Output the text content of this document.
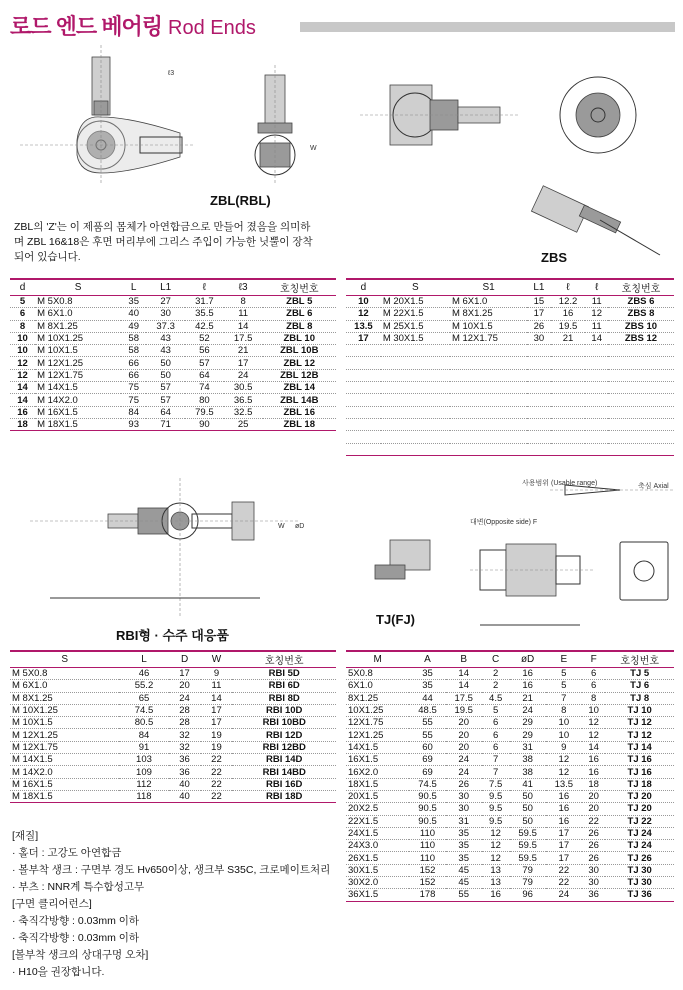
로드 엔드 베어링 Rod Ends
ℓ3
W
ZBL(RBL)
ZBS
ZBL의 'Z'는 이 제품의 몸체가 아연합금으로 만들어 졌음을 의미하
며 ZBL 16&18은 후면 머리부에 그리스 주입이 가능한 닛뿔이 장착
되어 있습니다.
d	S	L	L1	ℓ	ℓ3	호칭번호
5	M 5X0.8	35	27	31.7	8	ZBL 5
6	M 6X1.0	40	30	35.5	11	ZBL 6
8	M 8X1.25	49	37.3	42.5	14	ZBL 8
10	M 10X1.25	58	43	52	17.5	ZBL 10
10	M 10X1.5	58	43	56	21	ZBL 10B
12	M 12X1.25	66	50	57	17	ZBL 12
12	M 12X1.75	66	50	64	24	ZBL 12B
14	M 14X1.5	75	57	74	30.5	ZBL 14
14	M 14X2.0	75	57	80	36.5	ZBL 14B
16	M 16X1.5	84	64	79.5	32.5	ZBL 16
18	M 18X1.5	93	71	90	25	ZBL 18
d	S	S1	L1	ℓ	ℓ	호칭번호
10	M 20X1.5	M 6X1.0	15	12.2	11	ZBS 6
12	M 22X1.5	M 8X1.25	17	16	12	ZBS 8
13.5	M 25X1.5	M 10X1.5	26	19.5	11	ZBS 10
17	M 30X1.5	M 12X1.75	30	21	14	ZBS 12

W øD
RBI형 · 수주 대응품
사용범위 (Usable range)	축심 Axial
대변(Opposite side) F
TJ(FJ)
S	L	D	W	호칭번호
M 5X0.8	46	17	9	RBI 5D
M 6X1.0	55.2	20	11	RBI 6D
M 8X1.25	65	24	14	RBI 8D
M 10X1.25	74.5	28	17	RBI 10D
M 10X1.5	80.5	28	17	RBI 10BD
M 12X1.25	84	32	19	RBI 12D
M 12X1.75	91	32	19	RBI 12BD
M 14X1.5	103	36	22	RBI 14D
M 14X2.0	109	36	22	RBI 14BD
M 16X1.5	112	40	22	RBI 16D
M 18X1.5	118	40	22	RBI 18D
M	A	B	C	øD	E	F	호칭번호
5X0.8	35	14	2	16	5	6	TJ 5
6X1.0	35	14	2	16	5	6	TJ 6
8X1.25	44	17.5	4.5	21	7	8	TJ 8
10X1.25	48.5	19.5	5	24	8	10	TJ 10
12X1.75	55	20	6	29	10	12	TJ 12
12X1.25	55	20	6	29	10	12	TJ 12
14X1.5	60	20	6	31	9	14	TJ 14
16X1.5	69	24	7	38	12	16	TJ 16
16X2.0	69	24	7	38	12	16	TJ 16
18X1.5	74.5	26	7.5	41	13.5	18	TJ 18
20X1.5	90.5	30	9.5	50	16	20	TJ 20
20X2.5	90.5	30	9.5	50	16	20	TJ 20
22X1.5	90.5	31	9.5	50	16	22	TJ 22
24X1.5	110	35	12	59.5	17	26	TJ 24
24X3.0	110	35	12	59.5	17	26	TJ 24
26X1.5	110	35	12	59.5	17	26	TJ 26
30X1.5	152	45	13	79	22	30	TJ 30
30X2.0	152	45	13	79	22	30	TJ 30
36X1.5	178	55	16	96	24	36	TJ 36
[재질]
· 홀더 : 고강도 아연합금
· 볼부착 생크 : 구면부 경도 Hv650이상, 생크부 S35C, 크로메이트처리
· 부츠 : NNR계 특수합성고무
[구면 클리어런스]
· 축직각방향 : 0.03mm 이하
· 축직각방향 : 0.03mm 이하
[볼부착 생크의 상대구멍 오차]
· H10을 권장합니다.
